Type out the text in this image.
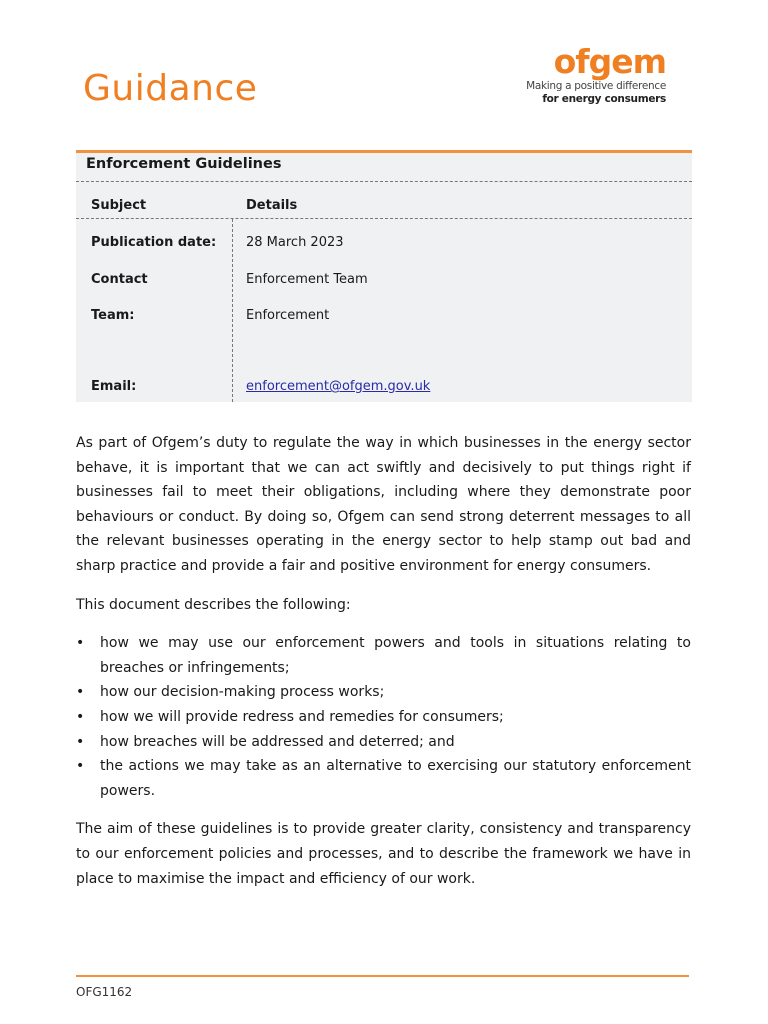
Guidance
ofgem
Making a positive difference
for energy consumers
Enforcement Guidelines
Subject	Details
Publication date: 28 March 2023
Contact	Enforcement Team
Team:	Enforcement
Email:	enforcement@ofgem.gov.uk

As part of Ofgem’s duty to regulate the way in which businesses in the energy sector behave, it is important that we can act swiftly and decisively to put things right if businesses fail to meet their obligations, including where they demonstrate poor behaviours or conduct. By doing so, Ofgem can send strong deterrent messages to all the relevant businesses operating in the energy sector to help stamp out bad and sharp practice and provide a fair and positive environment for energy consumers.

This document describes the following:

• how we may use our enforcement powers and tools in situations relating to breaches or infringements;
• how our decision-making process works;
• how we will provide redress and remedies for consumers;
• how breaches will be addressed and deterred; and
• the actions we may take as an alternative to exercising our statutory enforcement powers.

The aim of these guidelines is to provide greater clarity, consistency and transparency to our enforcement policies and processes, and to describe the framework we have in place to maximise the impact and efficiency of our work.

OFG1162
